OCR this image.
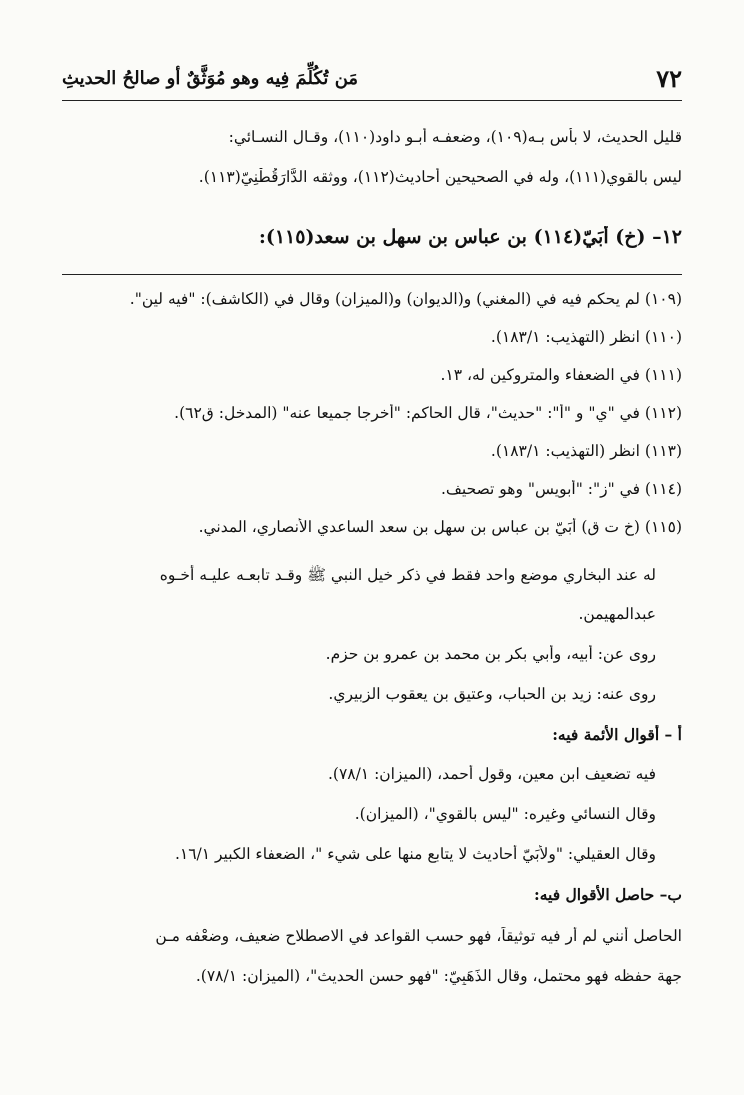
٧٢
مَن تُكُلِّمَ فِيه وهو مُوَثَّقٌ أو صالحُ الحديثِ
قليل الحديث، لا بأس بـه(١٠٩)، وضعفـه أبـو داود(١١٠)، وقـال النسـائي:
ليس بالقوي(١١١)، وله في الصحيحين أحاديث(١١٢)، ووثقه الدَّارَقُطْنِيّ(١١٣).
١٢– (خ) أُبَيّ(١١٤) بن عباس بن سهل بن سعد(١١٥):
(١٠٩) لم يحكم فيه في (المغني) و(الديوان) و(الميزان) وقال في (الكاشف): "فيه لين".
(١١٠) انظر (التهذيب: ١٨٣/١).
(١١١) في الضعفاء والمتروكين له، ١٣.
(١١٢) في "ي" و "أ": "حديث"، قال الحاكم: "أخرجا جميعا عنه" (المدخل: ق٦٢).
(١١٣) انظر (التهذيب: ١٨٣/١).
(١١٤) في "ز": "أبويس" وهو تصحيف.
(١١٥) (خ ت ق) أُبَيّ بن عباس بن سهل بن سعد الساعدي الأنصاري، المدني.
له عند البخاري موضع واحد فقط في ذكر خيل النبي ﷺ وقـد تابعـه عليـه أخـوه
عبدالمهيمن.
روى عن: أبيه، وأبي بكر بن محمد بن عمرو بن حزم.
روى عنه: زيد بن الحباب، وعتيق بن يعقوب الزبيري.
أ – أقوال الأئمة فيه:
فيه تضعيف ابن معين، وقول أحمد، (الميزان: ٧٨/١).
وقال النسائي وغيره: "ليس بالقوي"، (الميزان).
وقال العقيلي: "ولأُبَيّ أحاديث لا يتابع منها على شيء "، الضعفاء الكبير ١٦/١.
ب– حاصل الأقوال فيه:
الحاصل أنني لم أر فيه توثيقاً، فهو حسب القواعد في الاصطلاح ضعيف، وضعْفه مـن
جهة حفظه فهو محتمل، وقال الذَهَبِيّ: "فهو حسن الحديث"، (الميزان: ٧٨/١).
